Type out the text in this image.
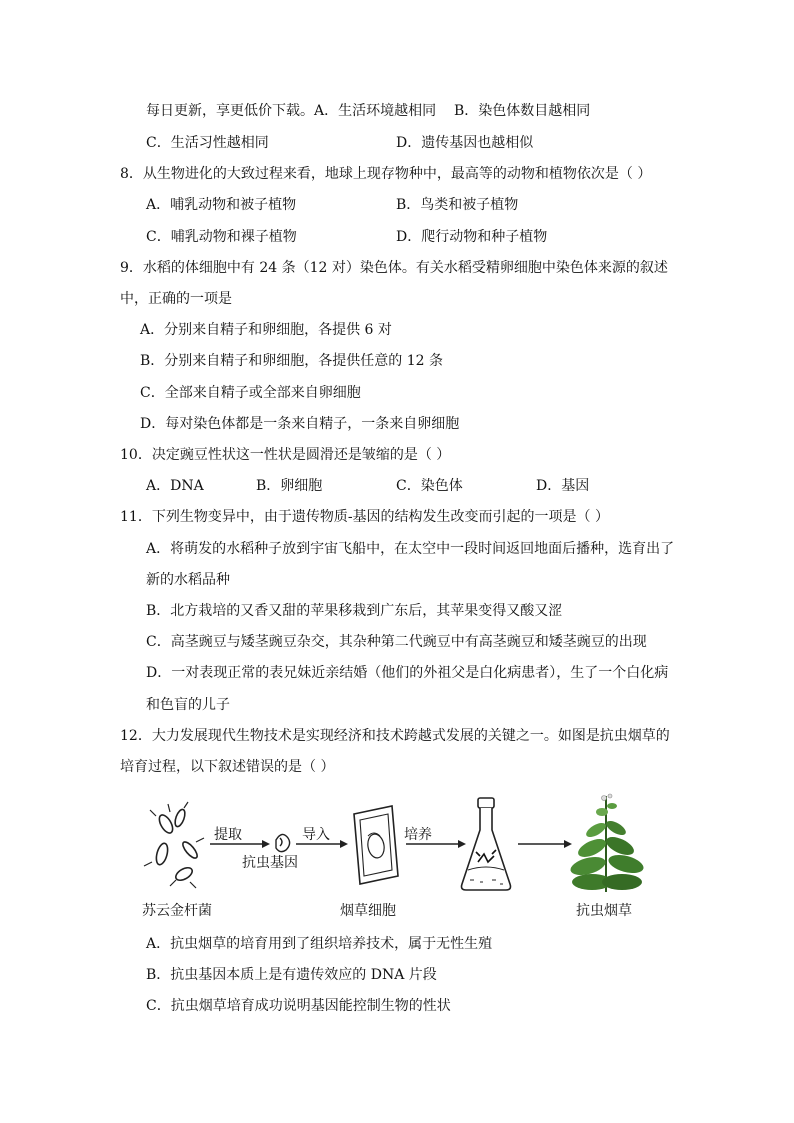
每日更新，享更低价下载。A．生活环境越相同 B．染色体数目越相同
C．生活习性越相同	D．遗传基因也越相似
8．从生物进化的大致过程来看，地球上现存物种中，最高等的动物和植物依次是（ ）
A．哺乳动物和被子植物	B．鸟类和被子植物
C．哺乳动物和裸子植物	D．爬行动物和种子植物
9．水稻的体细胞中有 24 条（12 对）染色体。有关水稻受精卵细胞中染色体来源的叙述
中，正确的一项是
A．分别来自精子和卵细胞，各提供 6 对
B．分别来自精子和卵细胞，各提供任意的 12 条
C．全部来自精子或全部来自卵细胞
D．每对染色体都是一条来自精子，一条来自卵细胞
10．决定豌豆性状这一性状是圆滑还是皱缩的是（ ）
A．DNA	B．卵细胞	C．染色体	D．基因
11．下列生物变异中，由于遗传物质-基因的结构发生改变而引起的一项是（ ）
A．将萌发的水稻种子放到宇宙飞船中，在太空中一段时间返回地面后播种，选育出了
新的水稻品种
B．北方栽培的又香又甜的苹果移栽到广东后，其苹果变得又酸又涩
C．高茎豌豆与矮茎豌豆杂交，其杂种第二代豌豆中有高茎豌豆和矮茎豌豆的出现
D．一对表现正常的表兄妹近亲结婚（他们的外祖父是白化病患者），生了一个白化病
和色盲的儿子
12．大力发展现代生物技术是实现经济和技术跨越式发展的关键之一。如图是抗虫烟草的
培育过程，以下叙述错误的是（ ）
提取
抗虫基因
导入	培养
苏云金杆菌	烟草细胞	抗虫烟草
A．抗虫烟草的培育用到了组织培养技术，属于无性生殖
B．抗虫基因本质上是有遗传效应的 DNA 片段
C．抗虫烟草培育成功说明基因能控制生物的性状
